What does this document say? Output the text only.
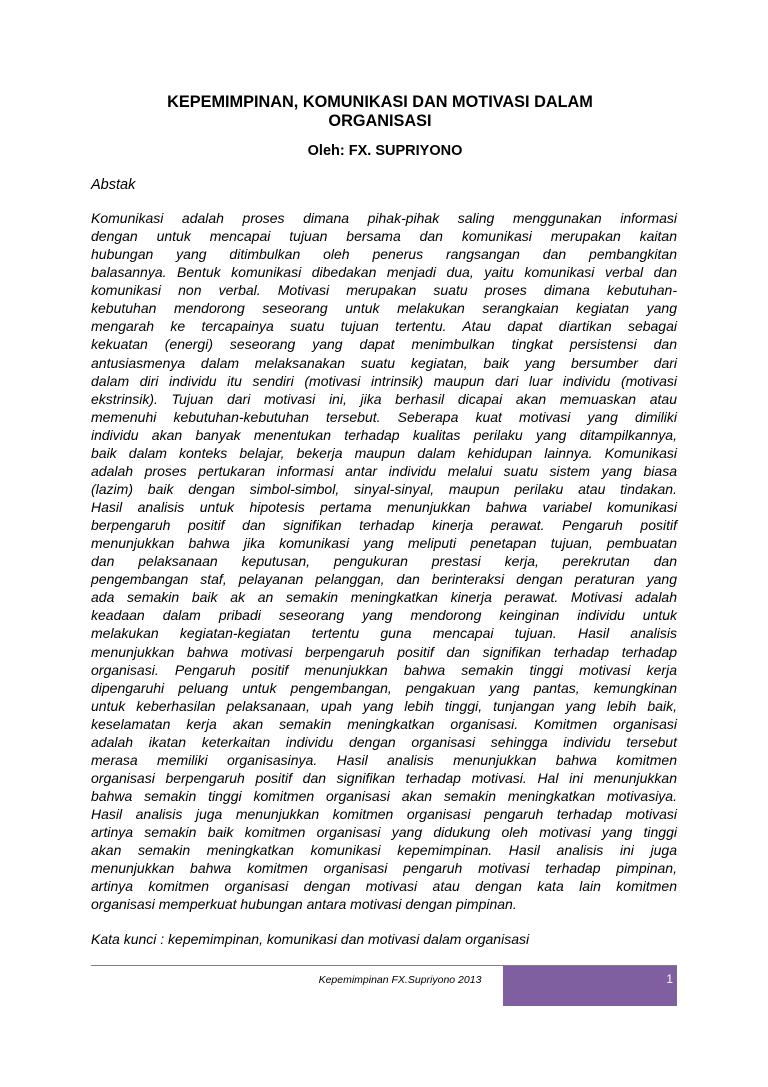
KEPEMIMPINAN, KOMUNIKASI DAN MOTIVASI DALAM ORGANISASI
Oleh: FX. SUPRIYONO
Abstak
Komunikasi adalah proses dimana pihak-pihak saling menggunakan informasi
dengan untuk mencapai tujuan bersama dan komunikasi merupakan kaitan
hubungan yang ditimbulkan oleh penerus rangsangan dan pembangkitan
balasannya. Bentuk komunikasi dibedakan menjadi dua, yaitu komunikasi verbal dan
komunikasi non verbal. Motivasi merupakan suatu proses dimana kebutuhan-
kebutuhan mendorong seseorang untuk melakukan serangkaian kegiatan yang
mengarah ke tercapainya suatu tujuan tertentu. Atau dapat diartikan sebagai
kekuatan (energi) seseorang yang dapat menimbulkan tingkat persistensi dan
antusiasmenya dalam melaksanakan suatu kegiatan, baik yang bersumber dari
dalam diri individu itu sendiri (motivasi intrinsik) maupun dari luar individu (motivasi
ekstrinsik). Tujuan dari motivasi ini, jika berhasil dicapai akan memuaskan atau
memenuhi kebutuhan-kebutuhan tersebut. Seberapa kuat motivasi yang dimiliki
individu akan banyak menentukan terhadap kualitas perilaku yang ditampilkannya,
baik dalam konteks belajar, bekerja maupun dalam kehidupan lainnya. Komunikasi
adalah proses pertukaran informasi antar individu melalui suatu sistem yang biasa
(lazim) baik dengan simbol-simbol, sinyal-sinyal, maupun perilaku atau tindakan.
Hasil analisis untuk hipotesis pertama menunjukkan bahwa variabel komunikasi
berpengaruh positif dan signifikan terhadap kinerja perawat. Pengaruh positif
menunjukkan bahwa jika komunikasi yang meliputi penetapan tujuan, pembuatan
dan pelaksanaan keputusan, pengukuran prestasi kerja, perekrutan dan
pengembangan staf, pelayanan pelanggan, dan berinteraksi dengan peraturan yang
ada semakin baik ak an semakin meningkatkan kinerja perawat. Motivasi adalah
keadaan dalam pribadi seseorang yang mendorong keinginan individu untuk
melakukan kegiatan-kegiatan tertentu guna mencapai tujuan. Hasil analisis
menunjukkan bahwa motivasi berpengaruh positif dan signifikan terhadap terhadap
organisasi. Pengaruh positif menunjukkan bahwa semakin tinggi motivasi kerja
dipengaruhi peluang untuk pengembangan, pengakuan yang pantas, kemungkinan
untuk keberhasilan pelaksanaan, upah yang lebih tinggi, tunjangan yang lebih baik,
keselamatan kerja akan semakin meningkatkan organisasi. Komitmen organisasi
adalah ikatan keterkaitan individu dengan organisasi sehingga individu tersebut
merasa memiliki organisasinya. Hasil analisis menunjukkan bahwa komitmen
organisasi berpengaruh positif dan signifikan terhadap motivasi. Hal ini menunjukkan
bahwa semakin tinggi komitmen organisasi akan semakin meningkatkan motivasiya.
Hasil analisis juga menunjukkan komitmen organisasi pengaruh terhadap motivasi
artinya semakin baik komitmen organisasi yang didukung oleh motivasi yang tinggi
akan semakin meningkatkan komunikasi kepemimpinan. Hasil analisis ini juga
menunjukkan bahwa komitmen organisasi pengaruh motivasi terhadap pimpinan,
artinya komitmen organisasi dengan motivasi atau dengan kata lain komitmen
organisasi memperkuat hubungan antara motivasi dengan pimpinan.
Kata kunci : kepemimpinan, komunikasi dan motivasi dalam organisasi
Kepemimpinan FX.Supriyono 2013	1
